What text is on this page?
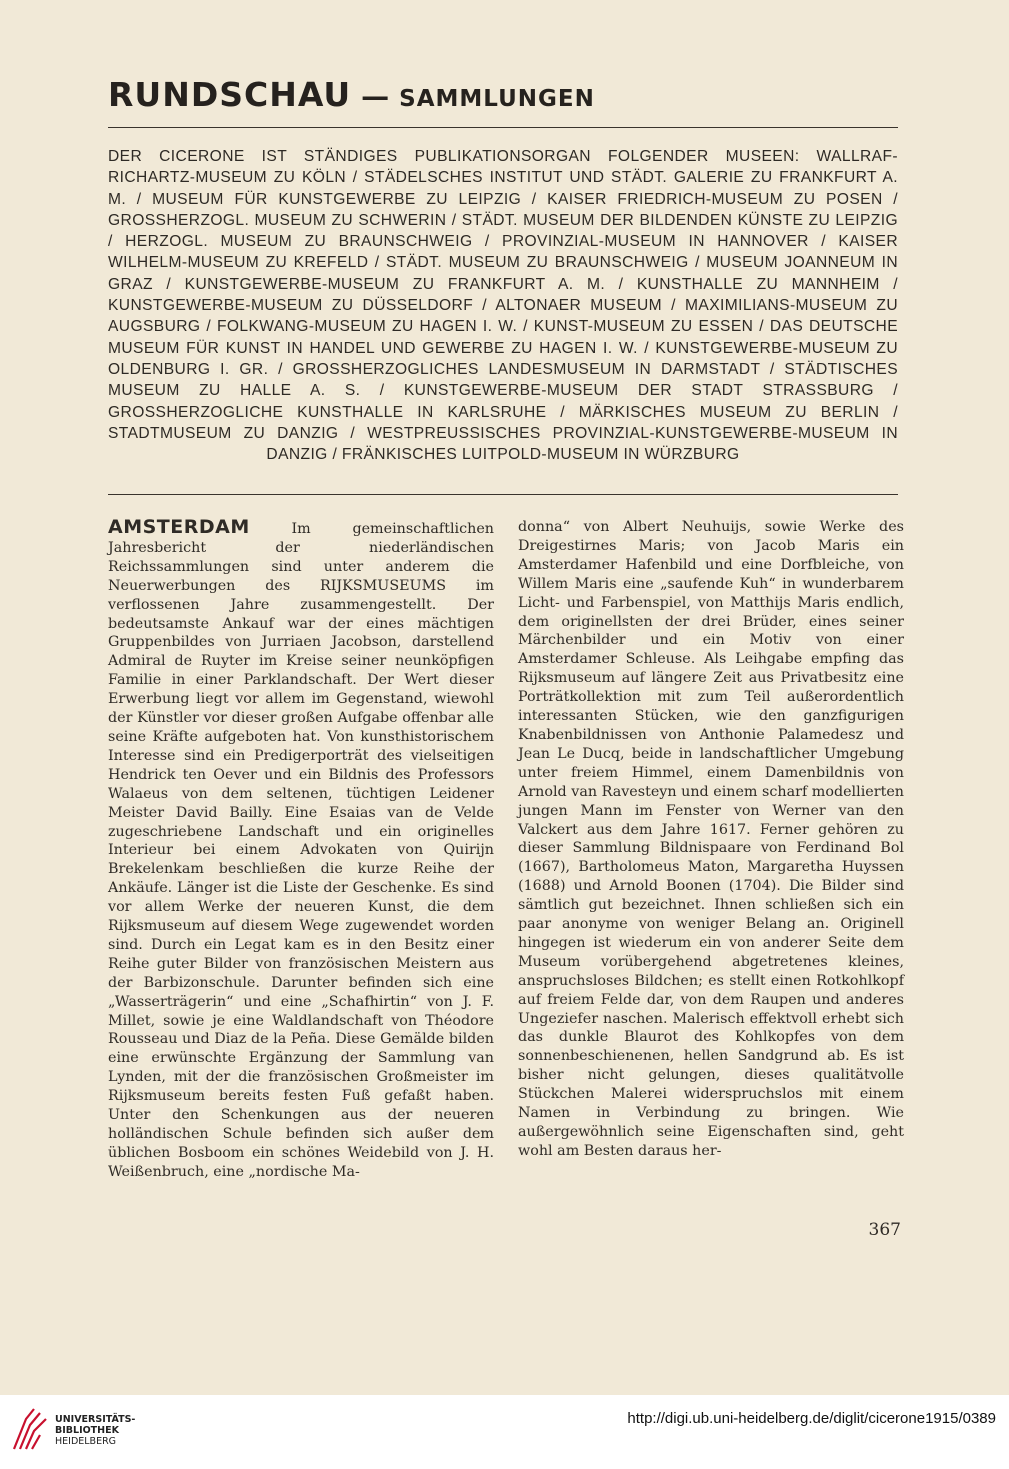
RUNDSCHAU — SAMMLUNGEN

DER CICERONE IST STÄNDIGES PUBLIKATIONSORGAN FOLGENDER MUSEEN: WALLRAF-RICHARTZ-MUSEUM ZU KÖLN / STÄDELSCHES INSTITUT UND STÄDT. GALERIE ZU FRANKFURT A. M. / MUSEUM FÜR KUNSTGEWERBE ZU LEIPZIG / KAISER FRIEDRICH-MUSEUM ZU POSEN / GROSSHERZOGL. MUSEUM ZU SCHWERIN / STÄDT. MUSEUM DER BILDENDEN KÜNSTE ZU LEIPZIG / HERZOGL. MUSEUM ZU BRAUNSCHWEIG / PROVINZIAL-MUSEUM IN HANNOVER / KAISER WILHELM-MUSEUM ZU KREFELD / STÄDT. MUSEUM ZU BRAUNSCHWEIG / MUSEUM JOANNEUM IN GRAZ / KUNSTGEWERBE-MUSEUM ZU FRANKFURT A. M. / KUNSTHALLE ZU MANNHEIM / KUNSTGEWERBE-MUSEUM ZU DÜSSELDORF / ALTONAER MUSEUM / MAXIMILIANS-MUSEUM ZU AUGSBURG / FOLKWANG-MUSEUM ZU HAGEN I. W. / KUNST-MUSEUM ZU ESSEN / DAS DEUTSCHE MUSEUM FÜR KUNST IN HANDEL UND GEWERBE ZU HAGEN I. W. / KUNSTGEWERBE-MUSEUM ZU OLDENBURG I. GR. / GROSSHERZOGLICHES LANDESMUSEUM IN DARMSTADT / STÄDTISCHES MUSEUM ZU HALLE A. S. / KUNSTGEWERBE-MUSEUM DER STADT STRASSBURG / GROSSHERZOGLICHE KUNSTHALLE IN KARLSRUHE / MÄRKISCHES MUSEUM ZU BERLIN / STADTMUSEUM ZU DANZIG / WESTPREUSSISCHES PROVINZIAL-KUNSTGEWERBE-MUSEUM IN DANZIG / FRÄNKISCHES LUITPOLD-MUSEUM IN WÜRZBURG

AMSTERDAM	Im gemeinschaftlichen Jahresbericht der niederländischen Reichssammlungen sind unter anderem die Neuerwerbungen des RIJKSMUSEUMS im verflossenen Jahre zusammengestellt. Der bedeutsamste Ankauf war der eines mächtigen Gruppenbildes von Jurriaen Jacobson, darstellend Admiral de Ruyter im Kreise seiner neunköpfigen Familie in einer Parklandschaft. Der Wert dieser Erwerbung liegt vor allem im Gegenstand, wiewohl der Künstler vor dieser großen Aufgabe offenbar alle seine Kräfte aufgeboten hat. Von kunsthistorischem Interesse sind ein Predigerporträt des vielseitigen Hendrick ten Oever und ein Bildnis des Professors Walaeus von dem seltenen, tüchtigen Leidener Meister David Bailly. Eine Esaias van de Velde zugeschriebene Landschaft und ein originelles Interieur bei einem Advokaten von Quirijn Brekelenkam beschließen die kurze Reihe der Ankäufe. Länger ist die Liste der Geschenke. Es sind vor allem Werke der neueren Kunst, die dem Rijksmuseum auf diesem Wege zugewendet worden sind. Durch ein Legat kam es in den Besitz einer Reihe guter Bilder von französischen Meistern aus der Barbizonschule. Darunter befinden sich eine „Wasserträgerin“ und eine „Schafhirtin“ von J. F. Millet, sowie je eine Waldlandschaft von Théodore Rousseau und Diaz de la Peña. Diese Gemälde bilden eine erwünschte Ergänzung der Sammlung van Lynden, mit der die französischen Großmeister im Rijksmuseum bereits festen Fuß gefaßt haben. Unter den Schenkungen aus der neueren holländischen Schule befinden sich außer dem üblichen Bosboom ein schönes Weidebild von J. H. Weißenbruch, eine „nordische Ma-

donna“ von Albert Neuhuijs, sowie Werke des Dreigestirnes Maris; von Jacob Maris ein Amsterdamer Hafenbild und eine Dorfbleiche, von Willem Maris eine „saufende Kuh“ in wunderbarem Licht- und Farbenspiel, von Matthijs Maris endlich, dem originellsten der drei Brüder, eines seiner Märchenbilder und ein Motiv von einer Amsterdamer Schleuse. Als Leihgabe empfing das Rijksmuseum auf längere Zeit aus Privatbesitz eine Porträtkollektion mit zum Teil außerordentlich interessanten Stücken, wie den ganzfigurigen Knabenbildnissen von Anthonie Palamedesz und Jean Le Ducq, beide in landschaftlicher Umgebung unter freiem Himmel, einem Damenbildnis von Arnold van Ravesteyn und einem scharf modellierten jungen Mann im Fenster von Werner van den Valckert aus dem Jahre 1617. Ferner gehören zu dieser Sammlung Bildnispaare von Ferdinand Bol (1667), Bartholomeus Maton, Margaretha Huyssen (1688) und Arnold Boonen (1704). Die Bilder sind sämtlich gut bezeichnet. Ihnen schließen sich ein paar anonyme von weniger Belang an. Originell hingegen ist wiederum ein von anderer Seite dem Museum vorübergehend abgetretenes kleines, anspruchsloses Bildchen; es stellt einen Rotkohlkopf auf freiem Felde dar, von dem Raupen und anderes Ungeziefer naschen. Malerisch effektvoll erhebt sich das dunkle Blaurot des Kohlkopfes von dem sonnenbeschienenen, hellen Sandgrund ab. Es ist bisher nicht gelungen, dieses qualitätvolle Stückchen Malerei widerspruchslos mit einem Namen in Verbindung zu bringen. Wie außergewöhnlich seine Eigenschaften sind, geht wohl am Besten daraus her-

367

UNIVERSITÄTS-
BIBLIOTHEK
HEIDELBERG

http://digi.ub.uni-heidelberg.de/diglit/cicerone1915/0389
